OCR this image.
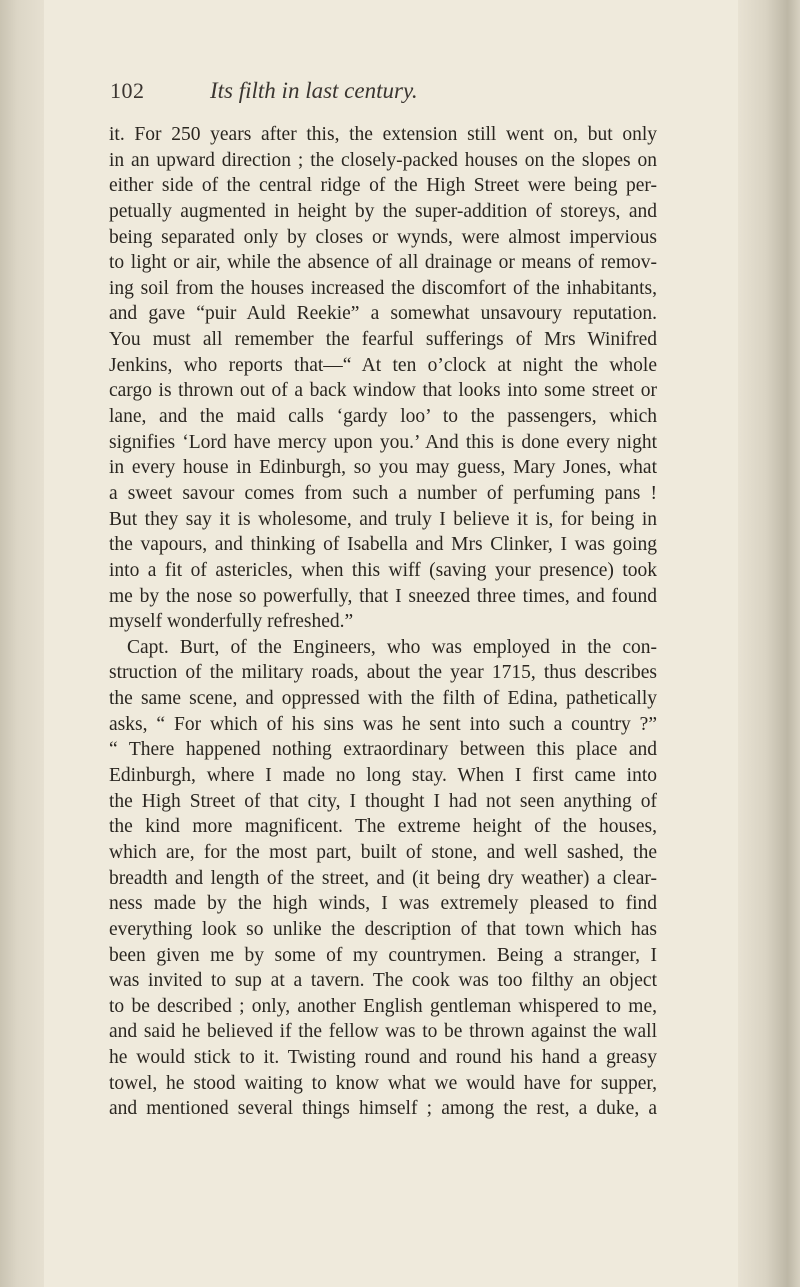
102	Its filth in last century.
it. For 250 years after this, the extension still went on, but only
in an upward direction ; the closely-packed houses on the slopes on
either side of the central ridge of the High Street were being per-
petually augmented in height by the super-addition of storeys, and
being separated only by closes or wynds, were almost impervious
to light or air, while the absence of all drainage or means of remov-
ing soil from the houses increased the discomfort of the inhabitants,
and gave “puir Auld Reekie” a somewhat unsavoury reputation.
You must all remember the fearful sufferings of Mrs Winifred
Jenkins, who reports that—“ At ten o’clock at night the whole
cargo is thrown out of a back window that looks into some street or
lane, and the maid calls ‘gardy loo’ to the passengers, which
signifies ‘Lord have mercy upon you.’ And this is done every night
in every house in Edinburgh, so you may guess, Mary Jones, what
a sweet savour comes from such a number of perfuming pans !
But they say it is wholesome, and truly I believe it is, for being in
the vapours, and thinking of Isabella and Mrs Clinker, I was going
into a fit of astericles, when this wiff (saving your presence) took
me by the nose so powerfully, that I sneezed three times, and found
myself wonderfully refreshed.”
Capt. Burt, of the Engineers, who was employed in the con-
struction of the military roads, about the year 1715, thus describes
the same scene, and oppressed with the filth of Edina, pathetically
asks, “ For which of his sins was he sent into such a country ?”
“ There happened nothing extraordinary between this place and
Edinburgh, where I made no long stay. When I first came into
the High Street of that city, I thought I had not seen anything of
the kind more magnificent. The extreme height of the houses,
which are, for the most part, built of stone, and well sashed, the
breadth and length of the street, and (it being dry weather) a clear-
ness made by the high winds, I was extremely pleased to find
everything look so unlike the description of that town which has
been given me by some of my countrymen. Being a stranger, I
was invited to sup at a tavern. The cook was too filthy an object
to be described ; only, another English gentleman whispered to me,
and said he believed if the fellow was to be thrown against the wall
he would stick to it. Twisting round and round his hand a greasy
towel, he stood waiting to know what we would have for supper,
and mentioned several things himself ; among the rest, a duke, a
